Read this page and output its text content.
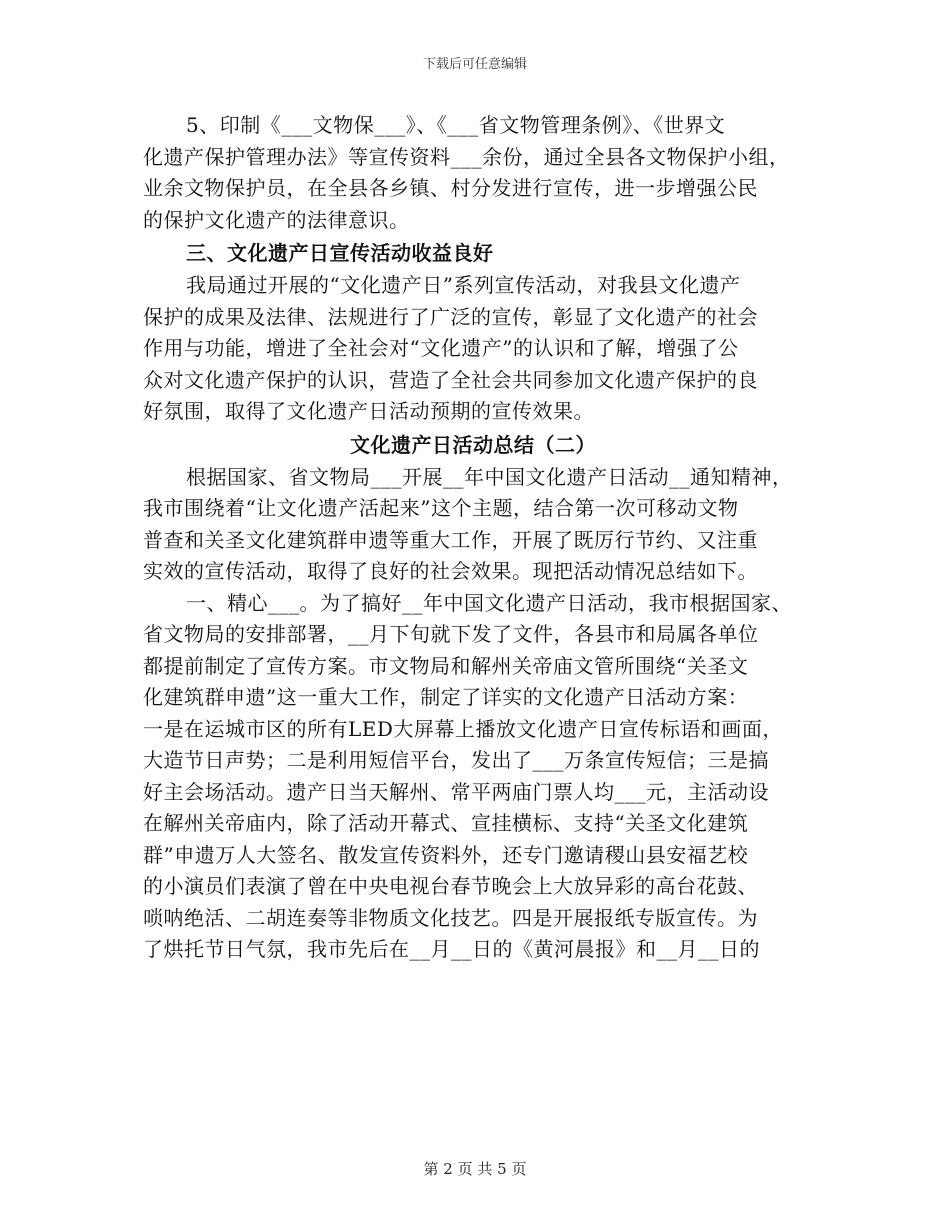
下载后可任意编辑
5、印制《___文物保___》、《___省文物管理条例》、《世界文
化遗产保护管理办法》等宣传资料___余份，通过全县各文物保护小组，
业余文物保护员，在全县各乡镇、村分发进行宣传，进一步增强公民
的保护文化遗产的法律意识。
三、文化遗产日宣传活动收益良好
我局通过开展的“文化遗产日”系列宣传活动，对我县文化遗产
保护的成果及法律、法规进行了广泛的宣传，彰显了文化遗产的社会
作用与功能，增进了全社会对“文化遗产”的认识和了解，增强了公
众对文化遗产保护的认识，营造了全社会共同参加文化遗产保护的良
好氛围，取得了文化遗产日活动预期的宣传效果。
文化遗产日活动总结（二）
根据国家、省文物局___开展__年中国文化遗产日活动__通知精神，
我市围绕着“让文化遗产活起来”这个主题，结合第一次可移动文物
普查和关圣文化建筑群申遗等重大工作，开展了既厉行节约、又注重
实效的宣传活动，取得了良好的社会效果。现把活动情况总结如下。
一、精心___。为了搞好__年中国文化遗产日活动，我市根据国家、
省文物局的安排部署，__月下旬就下发了文件，各县市和局属各单位
都提前制定了宣传方案。市文物局和解州关帝庙文管所围绕“关圣文
化建筑群申遗”这一重大工作，制定了详实的文化遗产日活动方案：
一是在运城市区的所有LED大屏幕上播放文化遗产日宣传标语和画面，
大造节日声势；二是利用短信平台，发出了___万条宣传短信；三是搞
好主会场活动。遗产日当天解州、常平两庙门票人均___元，主活动设
在解州关帝庙内，除了活动开幕式、宣挂横标、支持“关圣文化建筑
群”申遗万人大签名、散发宣传资料外，还专门邀请稷山县安福艺校
的小演员们表演了曾在中央电视台春节晚会上大放异彩的高台花鼓、
唢呐绝活、二胡连奏等非物质文化技艺。四是开展报纸专版宣传。为
了烘托节日气氛，我市先后在__月__日的《黄河晨报》和__月__日的
第 2 页 共 5 页
